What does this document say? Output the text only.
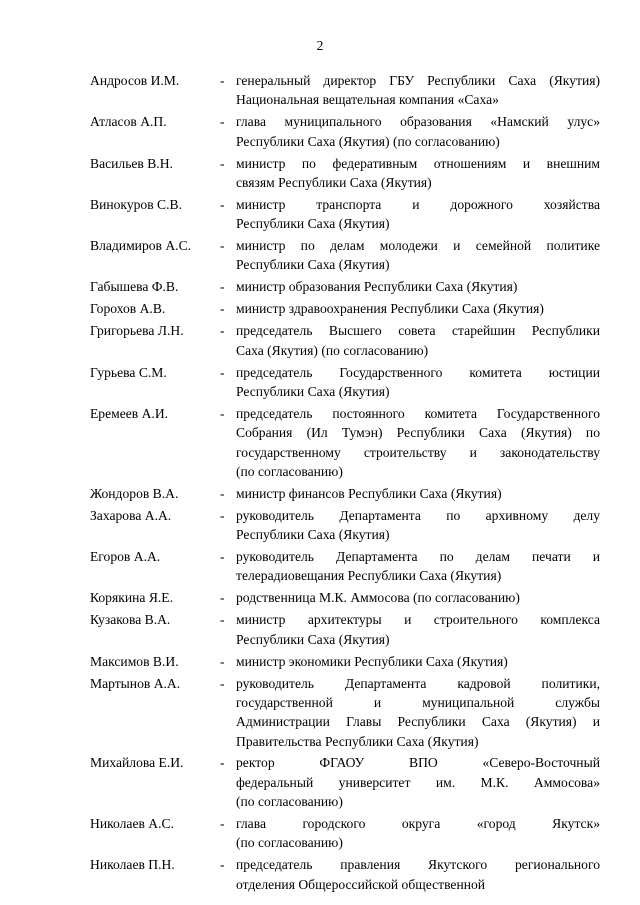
2
Андросов И.М.	- генеральный директор ГБУ Республики Саха (Якутия)
Национальная вещательная компания «Саха»
Атласов А.П.	- глава муниципального образования «Намский улус»
Республики Саха (Якутия) (по согласованию)
Васильев В.Н.	- министр по федеративным отношениям и внешним
связям Республики Саха (Якутия)
Винокуров С.В.	- министр транспорта и дорожного хозяйства
Республики Саха (Якутия)
Владимиров А.С.	- министр по делам молодежи и семейной политике
Республики Саха (Якутия)
Габышева Ф.В.	- министр образования Республики Саха (Якутия)
Горохов А.В.	- министр здравоохранения Республики Саха (Якутия)
Григорьева Л.Н.	- председатель Высшего совета старейшин Республики
Саха (Якутия) (по согласованию)
Гурьева С.М.	- председатель Государственного комитета юстиции
Республики Саха (Якутия)
Еремеев А.И.	- председатель постоянного комитета Государственного
Собрания (Ил Тумэн) Республики Саха (Якутия) по
государственному строительству и законодательству
(по согласованию)
Жондоров В.А.	- министр финансов Республики Саха (Якутия)
Захарова А.А.	- руководитель Департамента по архивному делу
Республики Саха (Якутия)
Егоров А.А.	- руководитель Департамента по делам печати и
телерадиовещания Республики Саха (Якутия)
Корякина Я.Е.	- родственница М.К. Аммосова (по согласованию)
Кузакова В.А.	- министр архитектуры и строительного комплекса
Республики Саха (Якутия)
Максимов В.И.	- министр экономики Республики Саха (Якутия)
Мартынов А.А.	- руководитель Департамента кадровой политики,
государственной и муниципальной службы
Администрации Главы Республики Саха (Якутия) и
Правительства Республики Саха (Якутия)
Михайлова Е.И.	- ректор ФГАОУ ВПО «Северо-Восточный
федеральный университет им. М.К. Аммосова»
(по согласованию)
Николаев А.С.	- глава городского округа «город Якутск»
(по согласованию)
Николаев П.Н.	- председатель правления Якутского регионального
отделения Общероссийской общественной
